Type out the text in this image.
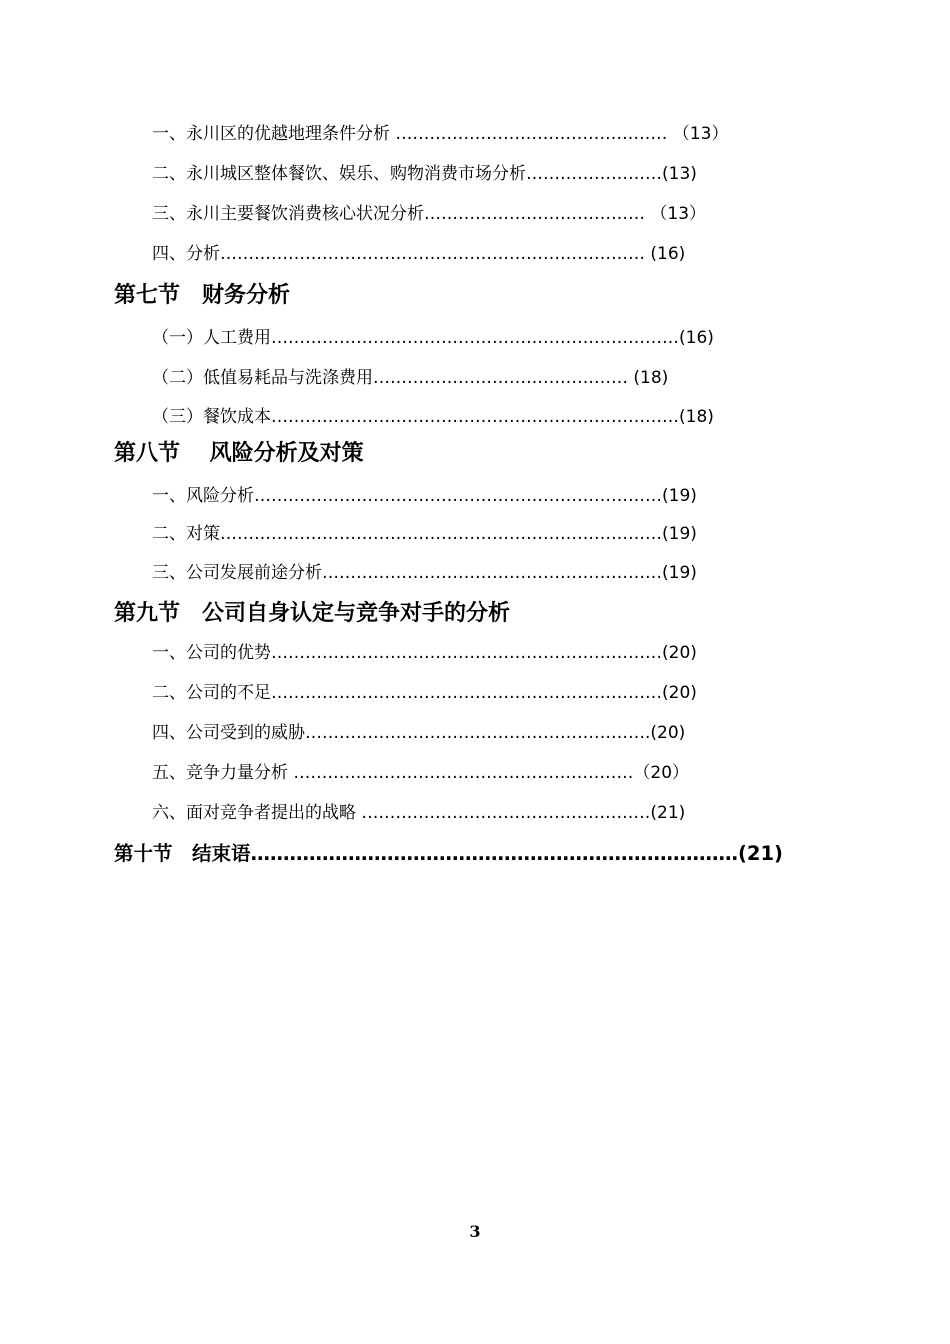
一、永川区的优越地理条件分析 ………………………………………… （13）
二、永川城区整体餐饮、娱乐、购物消费市场分析……………………(13)
三、永川主要餐饮消费核心状况分析………………………………… （13）
四、分析………………………………………………………………… (16)
第七节　财务分析
（一）人工费用………………………………………………………………(16)
（二）低值易耗品与洗涤费用……………………………………… (18)
（三）餐饮成本………………………………………………………………(18)
第八节　 风险分析及对策
一、风险分析………………………………………………………………(19)
二、对策……………………………………………………………………(19)
三、公司发展前途分析……………………………………………………(19)
第九节　公司自身认定与竞争对手的分析
一、公司的优势……………………………………………………………(20)
二、公司的不足……………………………………………………………(20)
四、公司受到的威胁…………………………………………………….(20)
五、竞争力量分析 ……………………………………………………（20）
六、面对竞争者提出的战略 ……………………………………………(21)
第十节　结束语…………………………………………………………………(21)
3
